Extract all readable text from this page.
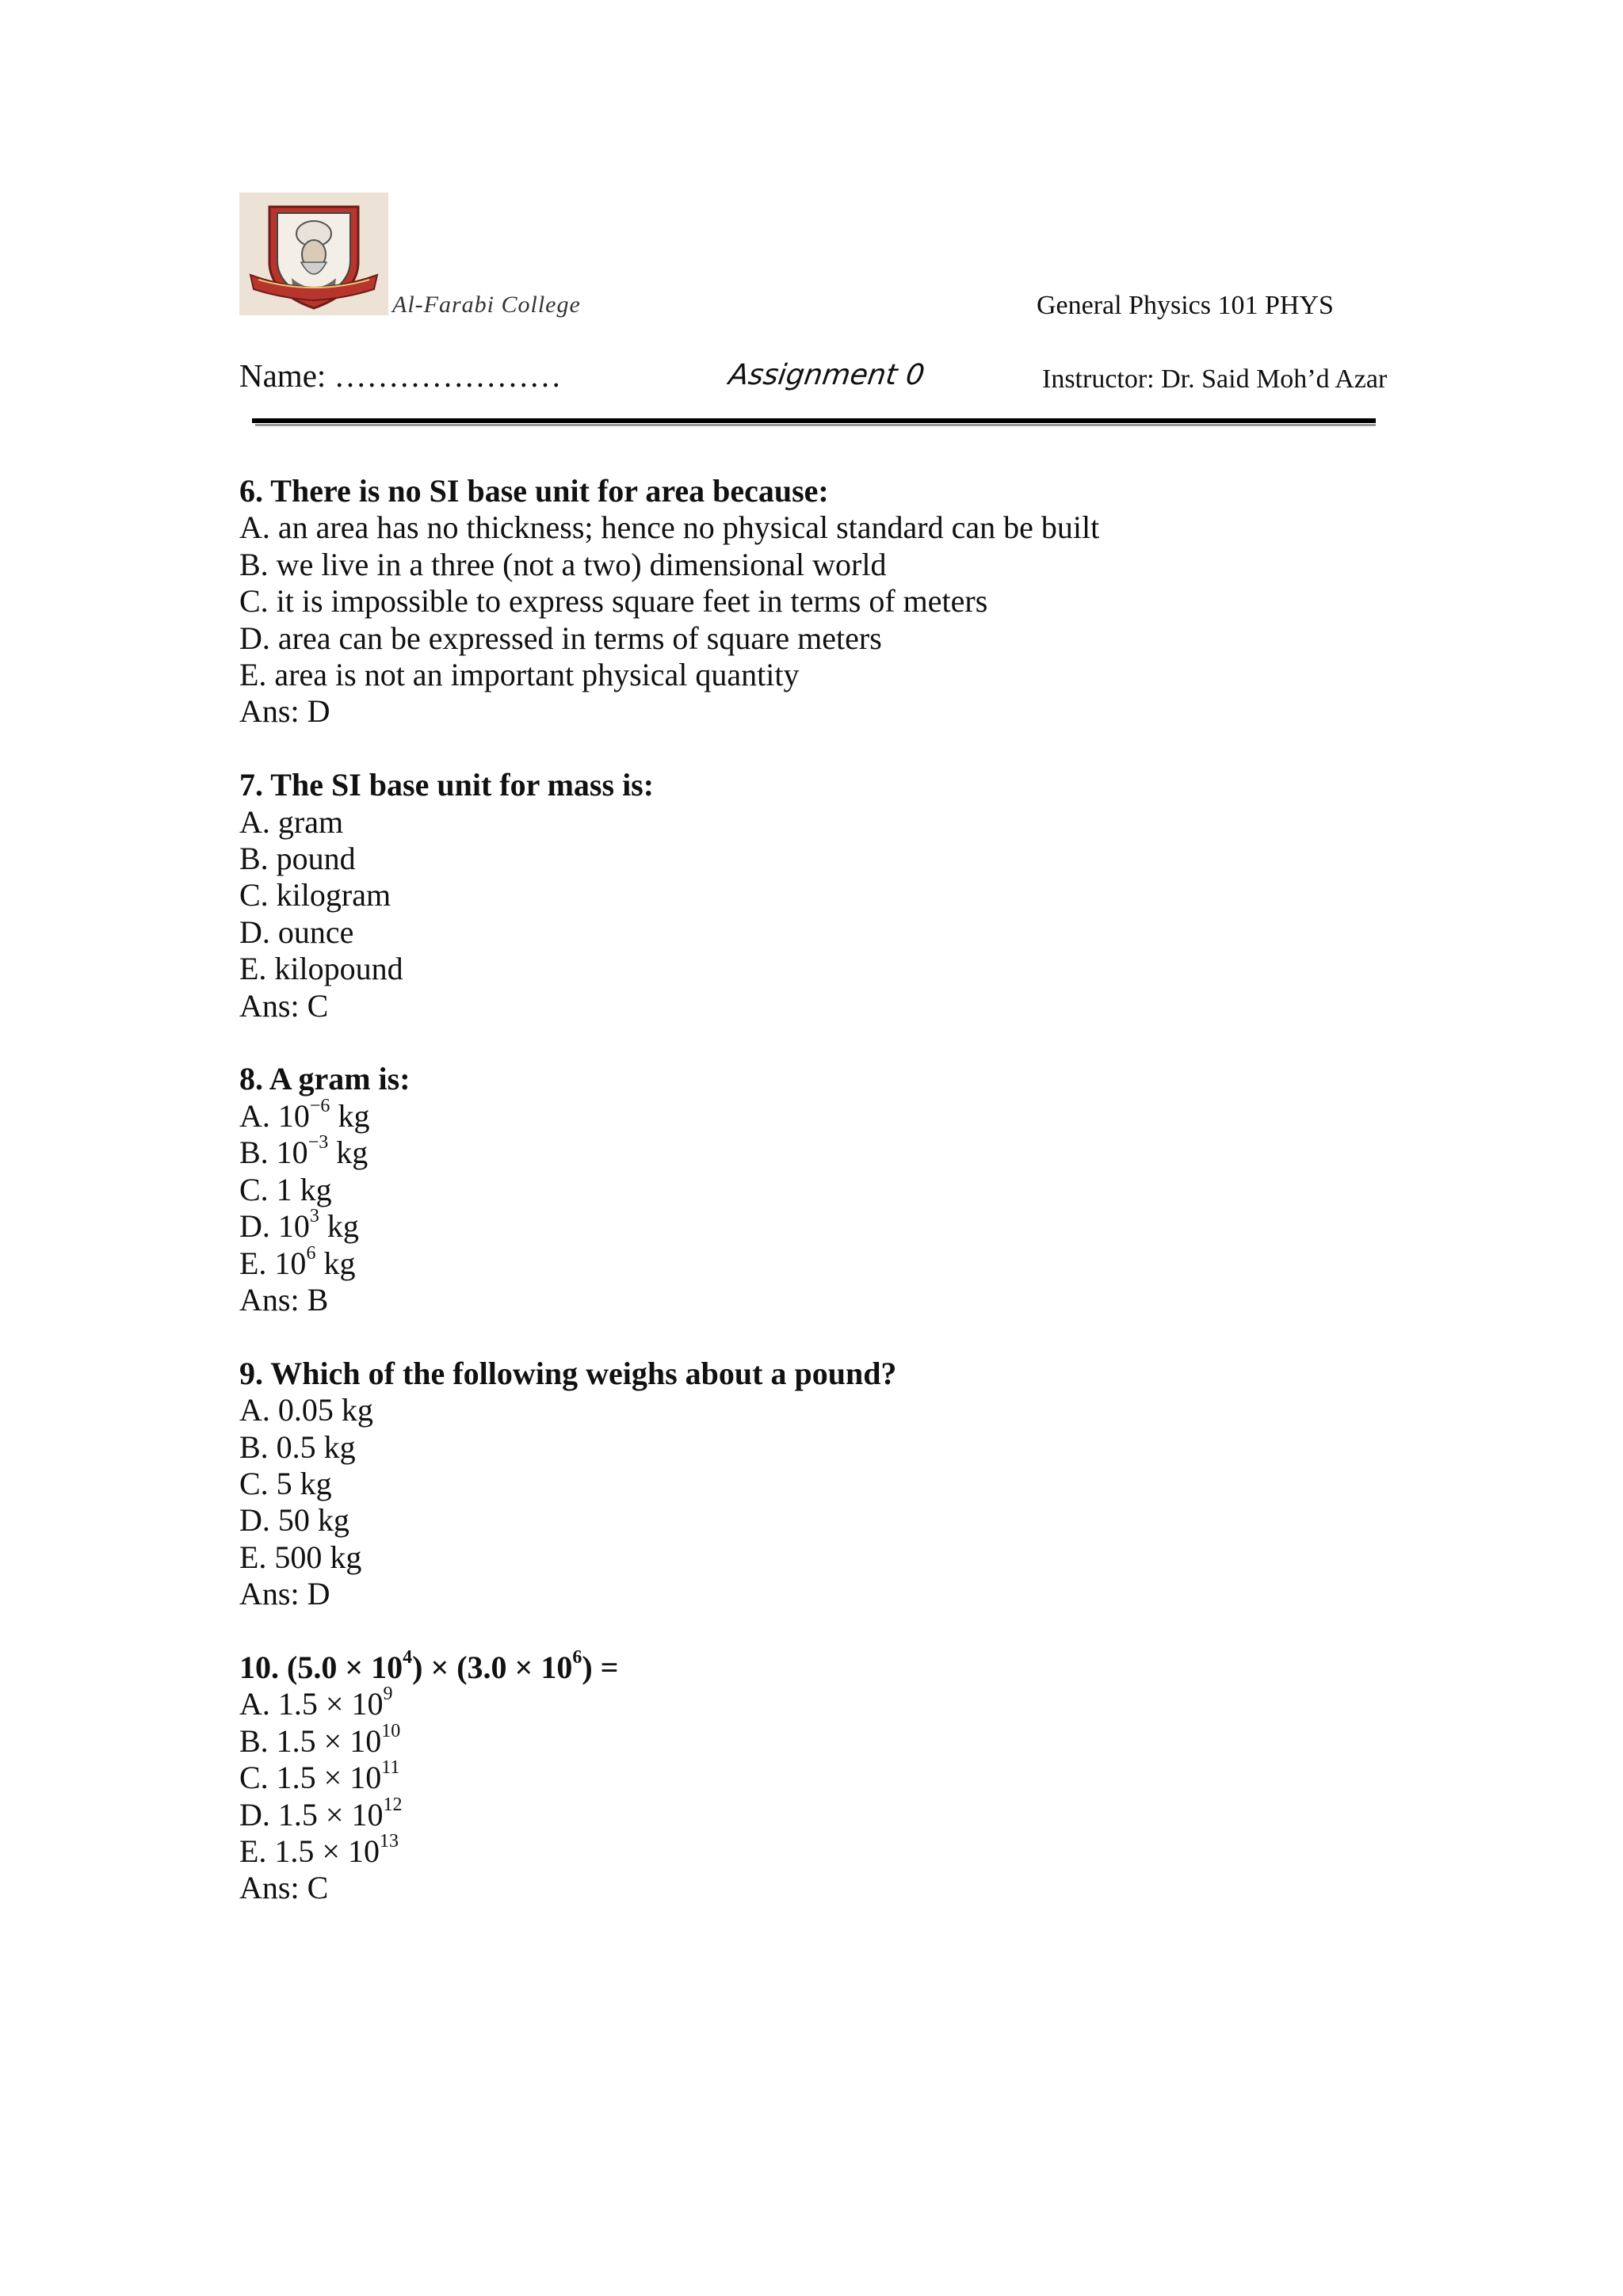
Al-Farabi College	General Physics 101 PHYS
Name: …………………	Assignment 0	Instructor: Dr. Said Moh’d Azar
6. There is no SI base unit for area because:
A. an area has no thickness; hence no physical standard can be built
B. we live in a three (not a two) dimensional world
C. it is impossible to express square feet in terms of meters
D. area can be expressed in terms of square meters
E. area is not an important physical quantity
Ans: D
7. The SI base unit for mass is:
A. gram
B. pound
C. kilogram
D. ounce
E. kilopound
Ans: C
8. A gram is:
A. $10^{-6}$ kg
B. $10^{-3}$ kg
C. 1 kg
D. $10^3$ kg
E. $10^6$ kg
Ans: B
9. Which of the following weighs about a pound?
A. 0.05 kg
B. 0.5 kg
C. 5 kg
D. 50 kg
E. 500 kg
Ans: D
10. $(5.0 \times 10^4) \times (3.0 \times 10^6)$ =
A. $1.5 \times 10^9$
B. $1.5 \times 10^{10}$
C. $1.5 \times 10^{11}$
D. $1.5 \times 10^{12}$
E. $1.5 \times 10^{13}$
Ans: C
